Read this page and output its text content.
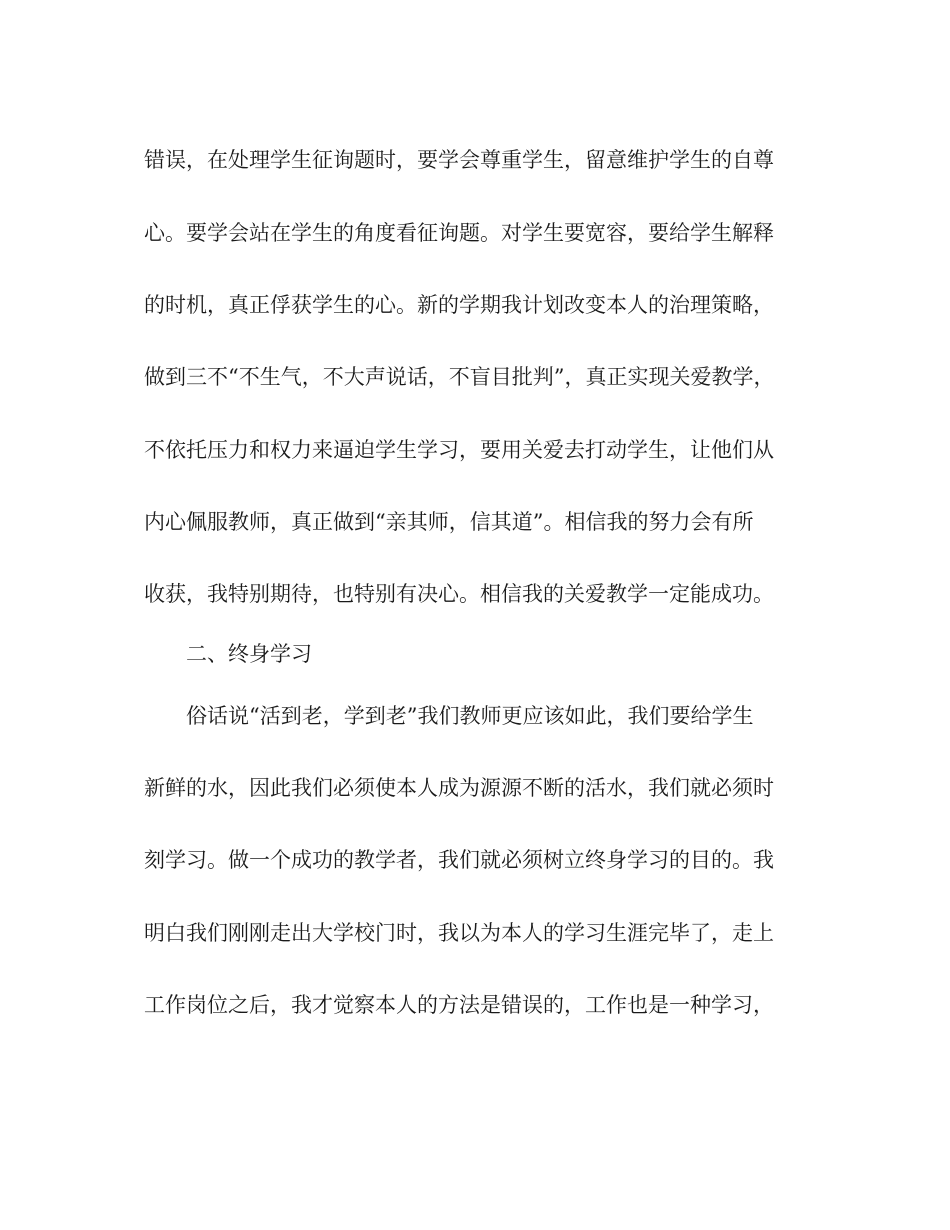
错误，在处理学生征询题时，要学会尊重学生，留意维护学生的自尊
心。要学会站在学生的角度看征询题。对学生要宽容，要给学生解释
的时机，真正俘获学生的心。新的学期我计划改变本人的治理策略，
做到三不“不生气，不大声说话，不盲目批判”，真正实现关爱教学，
不依托压力和权力来逼迫学生学习，要用关爱去打动学生，让他们从
内心佩服教师，真正做到“亲其师，信其道”。相信我的努力会有所
收获，我特别期待，也特别有决心。相信我的关爱教学一定能成功。
二、终身学习
俗话说“活到老，学到老”我们教师更应该如此，我们要给学生
新鲜的水，因此我们必须使本人成为源源不断的活水，我们就必须时
刻学习。做一个成功的教学者，我们就必须树立终身学习的目的。我
明白我们刚刚走出大学校门时，我以为本人的学习生涯完毕了，走上
工作岗位之后，我才觉察本人的方法是错误的，工作也是一种学习，
